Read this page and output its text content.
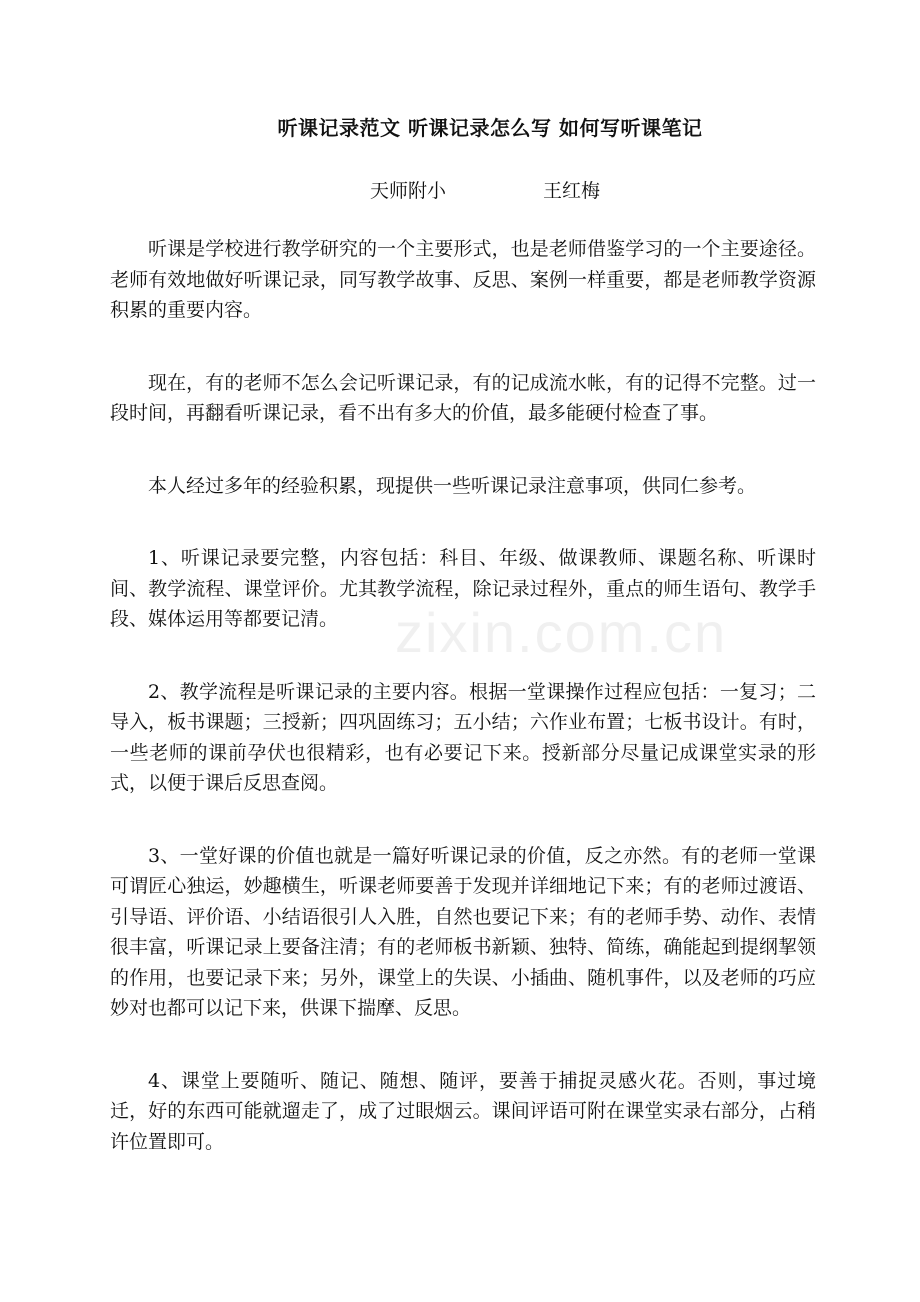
听课记录范文 听课记录怎么写 如何写听课笔记
天师附小	王红梅

听课是学校进行教学研究的一个主要形式，也是老师借鉴学习的一个主要途径。老师有效地做好听课记录，同写教学故事、反思、案例一样重要，都是老师教学资源积累的重要内容。

现在，有的老师不怎么会记听课记录，有的记成流水帐，有的记得不完整。过一段时间，再翻看听课记录，看不出有多大的价值，最多能硬付检查了事。

本人经过多年的经验积累，现提供一些听课记录注意事项，供同仁参考。

1、听课记录要完整，内容包括：科目、年级、做课教师、课题名称、听课时间、教学流程、课堂评价。尤其教学流程，除记录过程外，重点的师生语句、教学手段、媒体运用等都要记清。

2、教学流程是听课记录的主要内容。根据一堂课操作过程应包括：一复习；二导入，板书课题；三授新；四巩固练习；五小结；六作业布置；七板书设计。有时，一些老师的课前孕伏也很精彩，也有必要记下来。授新部分尽量记成课堂实录的形式，以便于课后反思查阅。

3、一堂好课的价值也就是一篇好听课记录的价值，反之亦然。有的老师一堂课可谓匠心独运，妙趣横生，听课老师要善于发现并详细地记下来；有的老师过渡语、引导语、评价语、小结语很引人入胜，自然也要记下来；有的老师手势、动作、表情很丰富，听课记录上要备注清；有的老师板书新颖、独特、简练，确能起到提纲挈领的作用，也要记录下来；另外，课堂上的失误、小插曲、随机事件，以及老师的巧应妙对也都可以记下来，供课下揣摩、反思。

4、课堂上要随听、随记、随想、随评，要善于捕捉灵感火花。否则，事过境迁，好的东西可能就遛走了，成了过眼烟云。课间评语可附在课堂实录右部分，占稍许位置即可。

zixin.com.cn
